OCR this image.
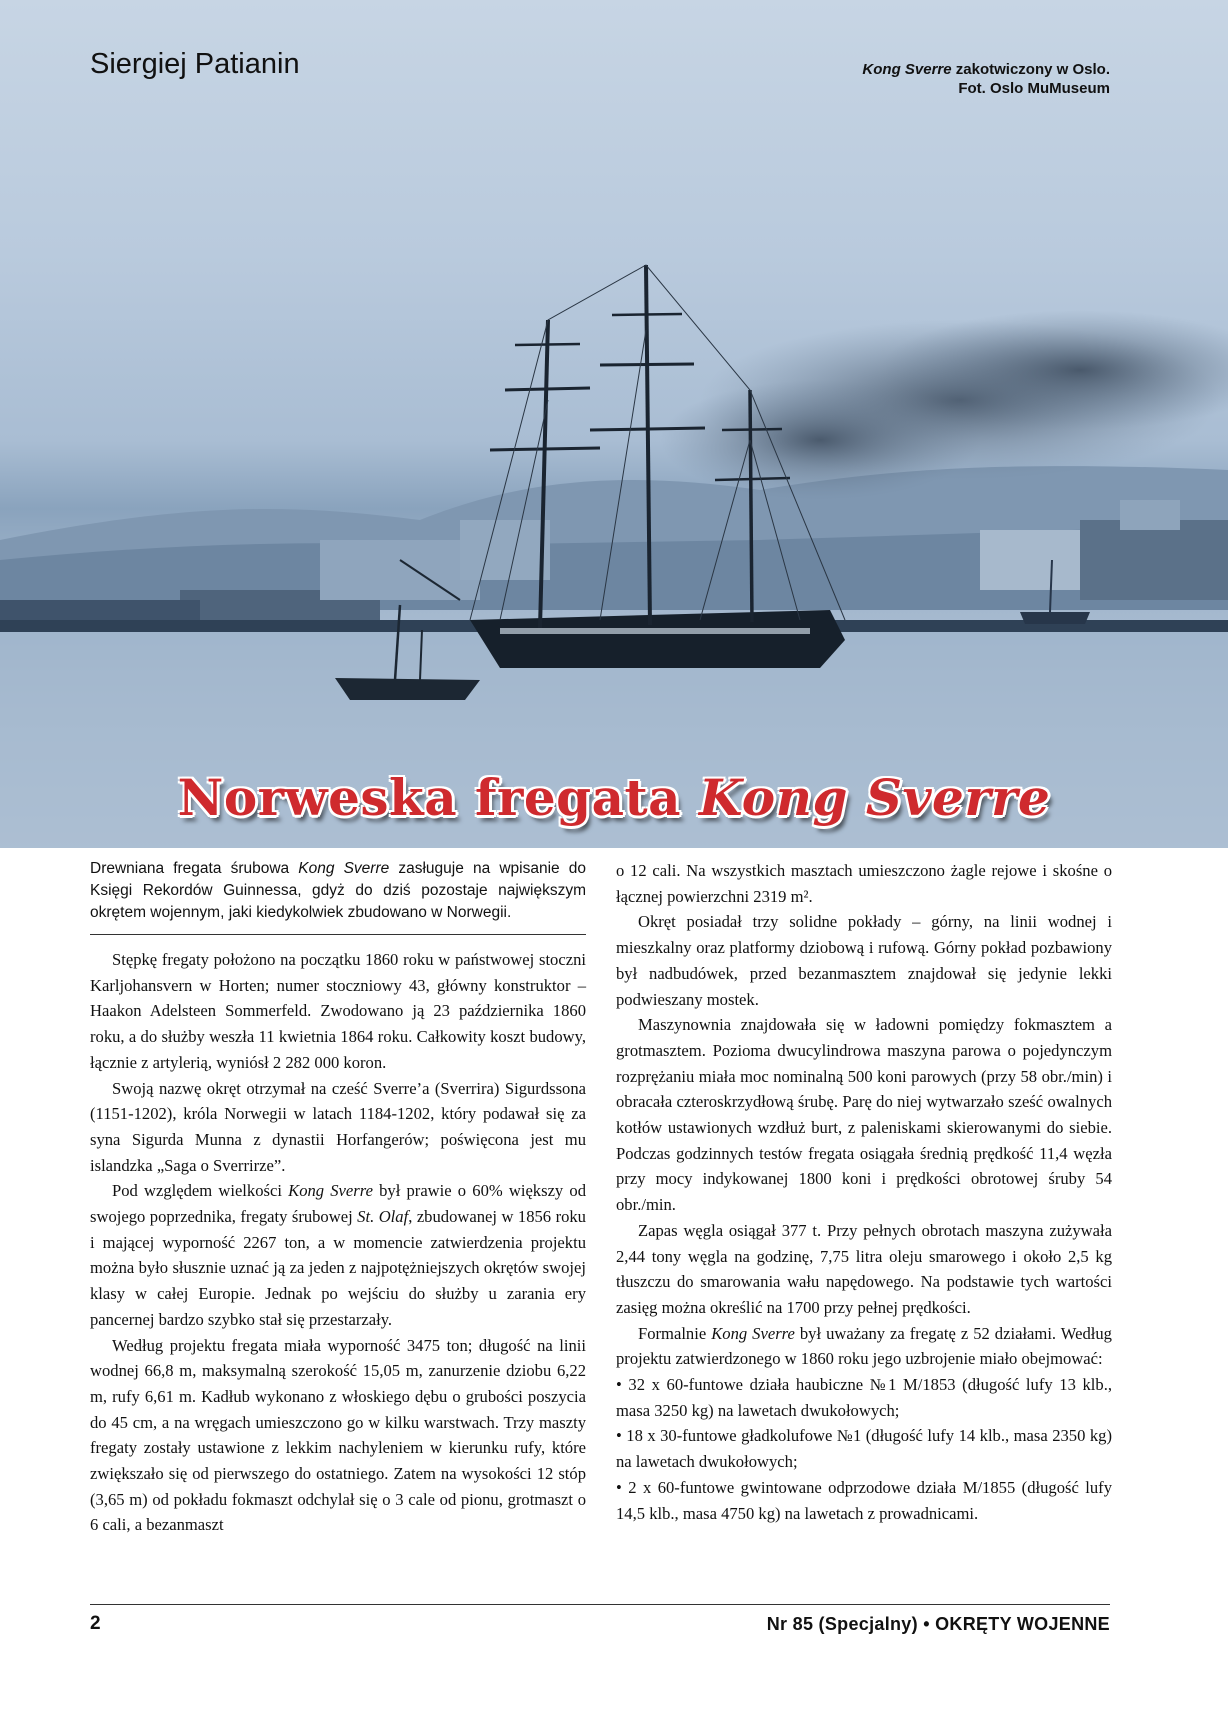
Siergiej Patianin	Kong Sverre zakotwiczony w Oslo.
Fot. Oslo MuMuseum
Norweska fregata Kong Sverre
Drewniana fregata śrubowa Kong Sverre zasługuje na wpisanie do Księgi Rekordów Guinnessa, gdyż do dziś pozostaje największym okrętem wojennym, jaki kiedykolwiek zbudowano w Norwegii.

Stępkę fregaty położono na początku 1860 roku w państwowej stoczni Karljohansvern w Horten; numer stoczniowy 43, główny konstruktor – Haakon Adelsteen Sommerfeld. Zwodowano ją 23 października 1860 roku, a do służby weszła 11 kwietnia 1864 roku. Całkowity koszt budowy, łącznie z artylerią, wyniósł 2 282 000 koron.

Swoją nazwę okręt otrzymał na cześć Sverre’a (Sverrira) Sigurdssona (1151-1202), króla Norwegii w latach 1184-1202, który podawał się za syna Sigurda Munna z dynastii Horfangerów; poświęcona jest mu islandzka „Saga o Sverrirze”.

Pod względem wielkości Kong Sverre był prawie o 60% większy od swojego poprzednika, fregaty śrubowej St. Olaf, zbudowanej w 1856 roku i mającej wyporność 2267 ton, a w momencie zatwierdzenia projektu można było słusznie uznać ją za jeden z najpotężniejszych okrętów swojej klasy w całej Europie. Jednak po wejściu do służby u zarania ery pancernej bardzo szybko stał się przestarzały.

Według projektu fregata miała wyporność 3475 ton; długość na linii wodnej 66,8 m, maksymalną szerokość 15,05 m, zanurzenie dziobu 6,22 m, rufy 6,61 m. Kadłub wykonano z włoskiego dębu o grubości poszycia do 45 cm, a na wręgach umieszczono go w kilku warstwach. Trzy maszty fregaty zostały ustawione z lekkim nachyleniem w kierunku rufy, które zwiększało się od pierwszego do ostatniego. Zatem na wysokości 12 stóp (3,65 m) od pokładu fokmaszt odchylał się o 3 cale od pionu, grotmaszt o 6 cali, a bezanmaszt

o 12 cali. Na wszystkich masztach umieszczono żagle rejowe i skośne o łącznej powierzchni 2319 m².

Okręt posiadał trzy solidne pokłady – górny, na linii wodnej i mieszkalny oraz platformy dziobową i rufową. Górny pokład pozbawiony był nadbudówek, przed bezanmasztem znajdował się jedynie lekki podwieszany mostek.

Maszynownia znajdowała się w ładowni pomiędzy fokmasztem a grotmasztem. Pozioma dwucylindrowa maszyna parowa o pojedynczym rozprężaniu miała moc nominalną 500 koni parowych (przy 58 obr./min) i obracała czteroskrzydłową śrubę. Parę do niej wytwarzało sześć owalnych kotłów ustawionych wzdłuż burt, z paleniskami skierowanymi do siebie. Podczas godzinnych testów fregata osiągała średnią prędkość 11,4 węzła przy mocy indykowanej 1800 koni i prędkości obrotowej śruby 54 obr./min.

Zapas węgla osiągał 377 t. Przy pełnych obrotach maszyna zużywała 2,44 tony węgla na godzinę, 7,75 litra oleju smarowego i około 2,5 kg tłuszczu do smarowania wału napędowego. Na podstawie tych wartości zasięg można określić na 1700 przy pełnej prędkości.

Formalnie Kong Sverre był uważany za fregatę z 52 działami. Według projektu zatwierdzonego w 1860 roku jego uzbrojenie miało obejmować:

• 32 x 60-funtowe działa haubiczne №1 M/1853 (długość lufy 13 klb., masa 3250 kg) na lawetach dwukołowych;

• 18 x 30-funtowe gładkolufowe №1 (długość lufy 14 klb., masa 2350 kg) na lawetach dwukołowych;

• 2 x 60-funtowe gwintowane odprzodowe działa M/1855 (długość lufy 14,5 klb., masa 4750 kg) na lawetach z prowadnicami.

2	Nr 85 (Specjalny) • OKRĘTY WOJENNE
